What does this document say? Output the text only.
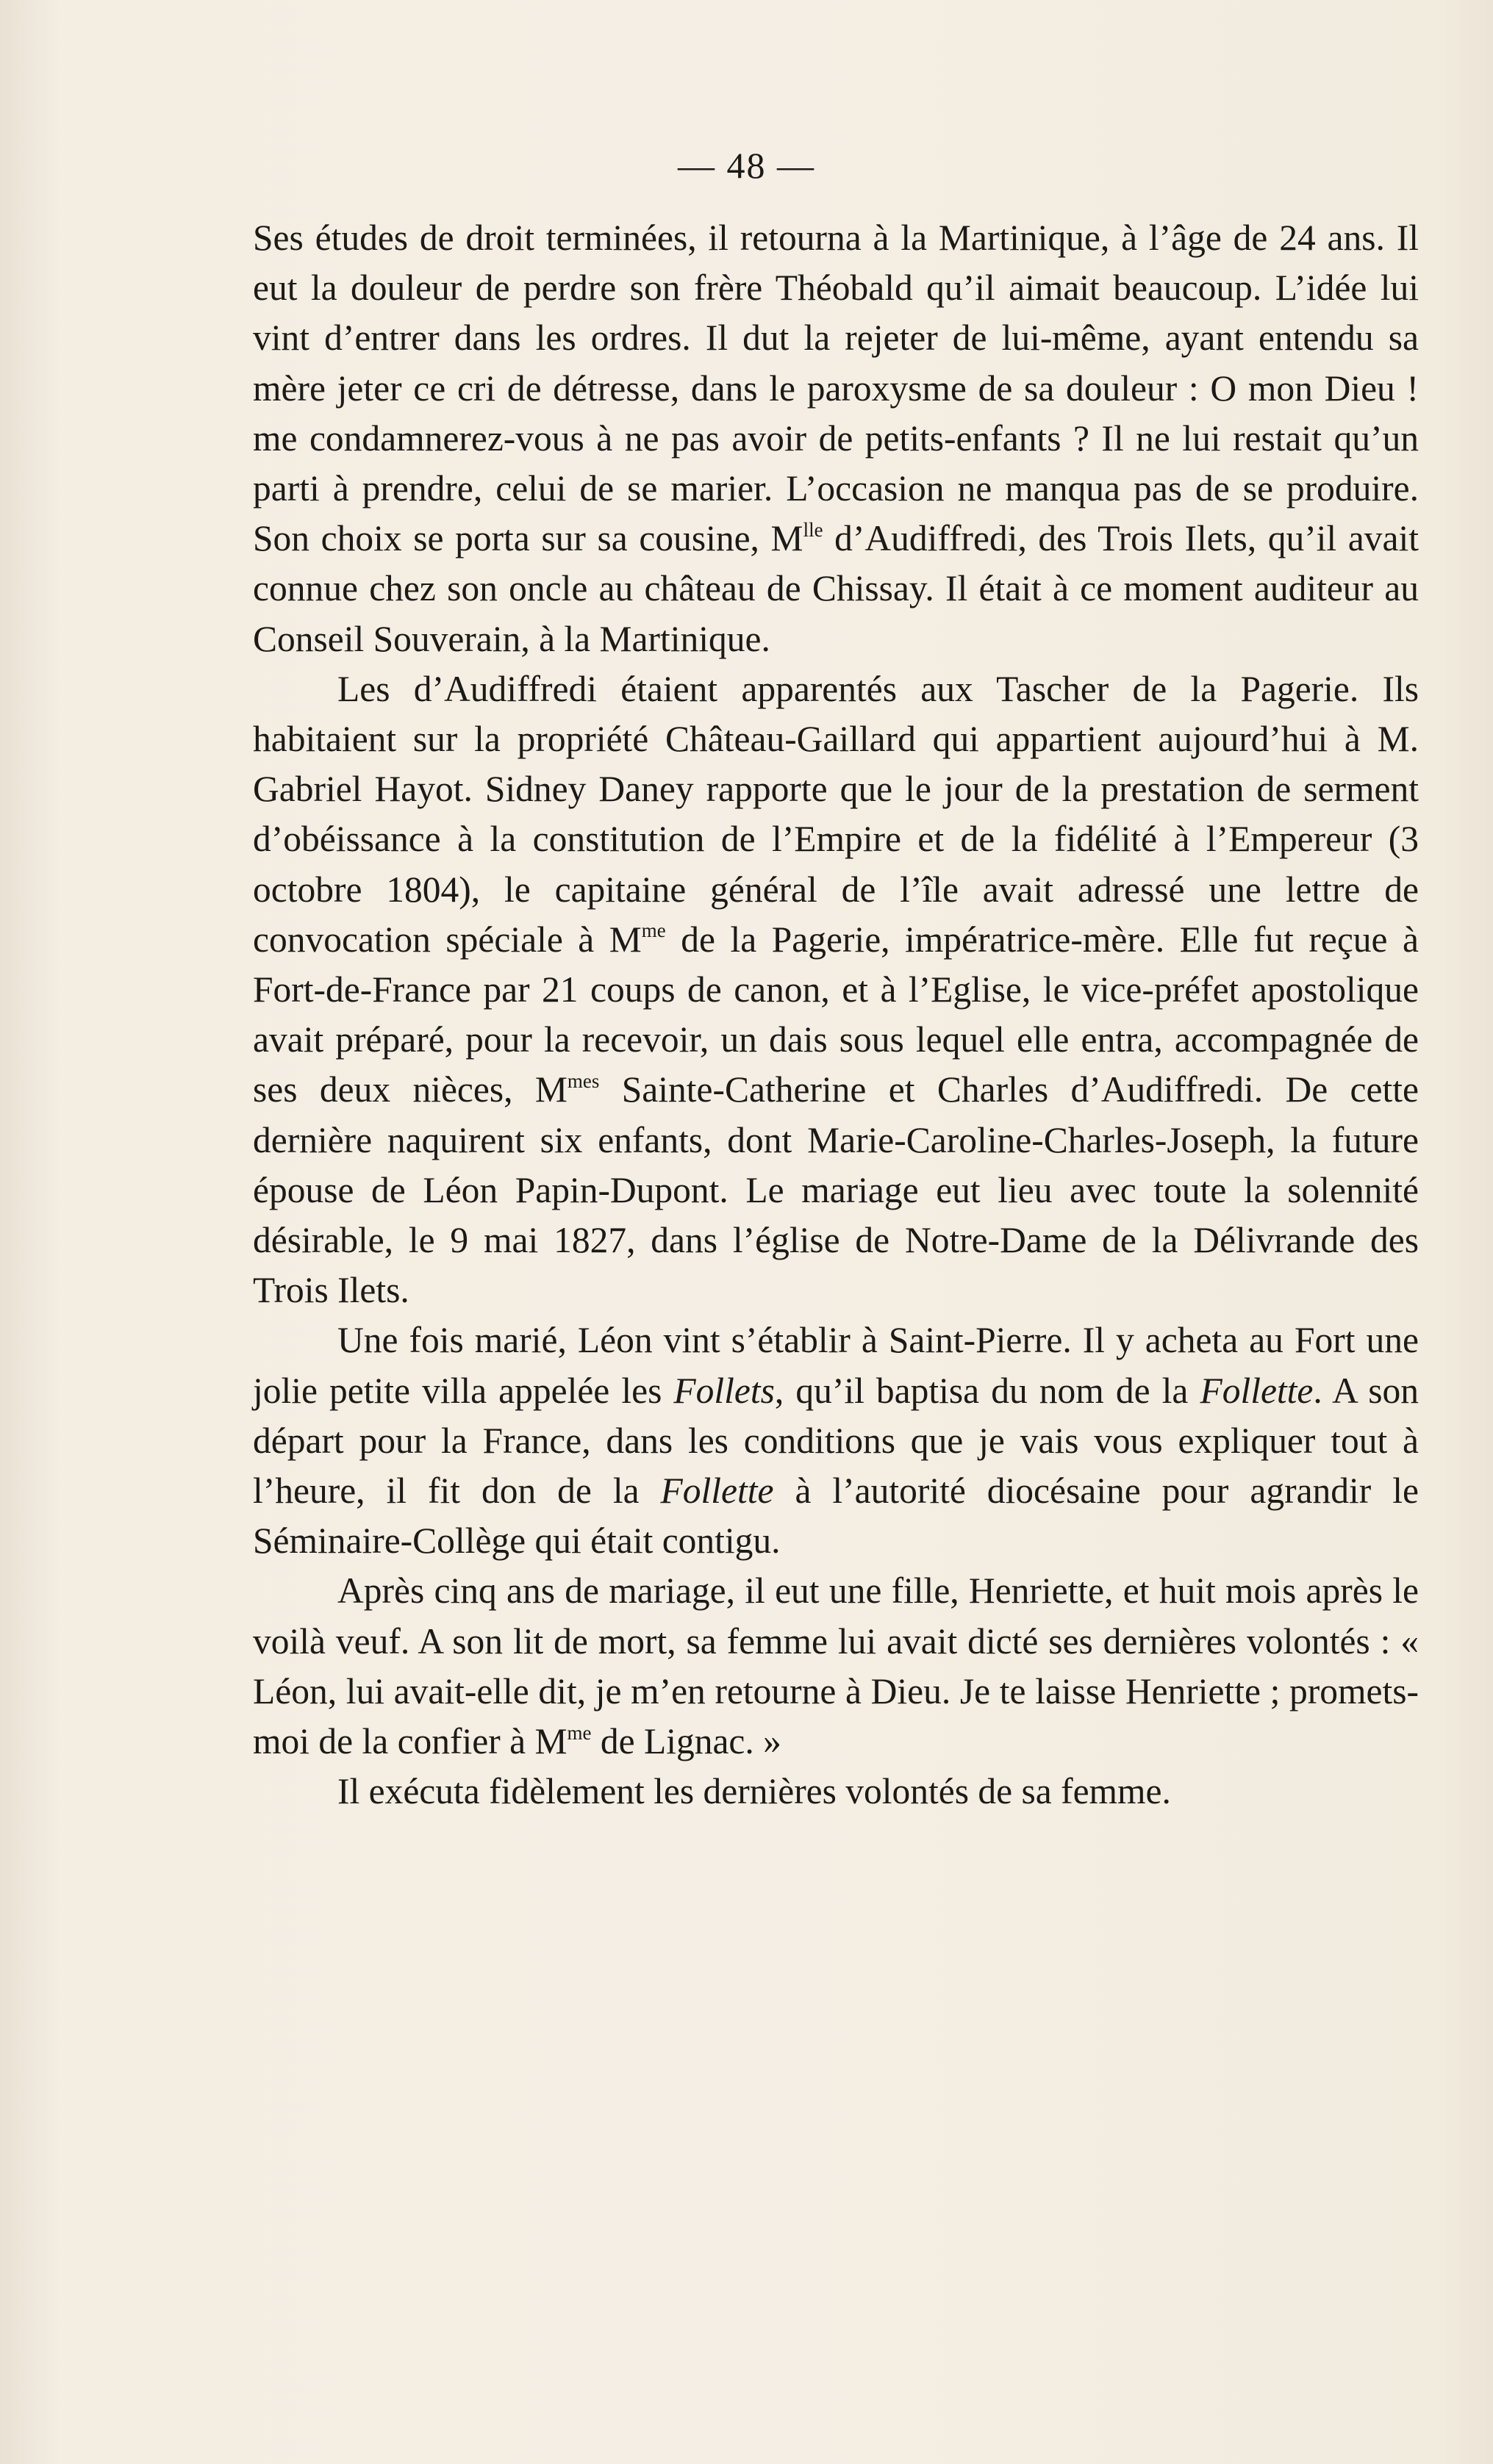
— 48 —

Ses études de droit terminées, il retourna à la Martinique, à l’âge de 24 ans. Il eut la douleur de perdre son frère Théobald qu’il aimait beaucoup. L’idée lui vint d’entrer dans les ordres. Il dut la rejeter de lui-même, ayant entendu sa mère jeter ce cri de détresse, dans le paroxysme de sa douleur : O mon Dieu ! me condamnerez-vous à ne pas avoir de petits-enfants ? Il ne lui restait qu’un parti à prendre, celui de se marier. L’occasion ne manqua pas de se produire. Son choix se porta sur sa cousine, $M^{lle}$ d’Audiffredi, des Trois Ilets, qu’il avait connue chez son oncle au château de Chissay. Il était à ce moment auditeur au Conseil Souverain, à la Martinique.

Les d’Audiffredi étaient apparentés aux Tascher de la Pagerie. Ils habitaient sur la propriété Château-Gaillard qui appartient aujourd’hui à M. Gabriel Hayot. Sidney Daney rapporte que le jour de la prestation de serment d’obéissance à la constitution de l’Empire et de la fidélité à l’Empereur (3 octobre 1804), le capitaine général de l’île avait adressé une lettre de convocation spéciale à $M^{me}$ de la Pagerie, impératrice-mère. Elle fut reçue à Fort-de-France par 21 coups de canon, et à l’Eglise, le vice-préfet apostolique avait préparé, pour la recevoir, un dais sous lequel elle entra, accompagnée de ses deux nièces, $M^{mes}$ Sainte-Catherine et Charles d’Audiffredi. De cette dernière naquirent six enfants, dont Marie-Caroline-Charles-Joseph, la future épouse de Léon Papin-Dupont. Le mariage eut lieu avec toute la solennité désirable, le 9 mai 1827, dans l’église de Notre-Dame de la Délivrande des Trois Ilets.

Une fois marié, Léon vint s’établir à Saint-Pierre. Il y acheta au Fort une jolie petite villa appelée les Follets, qu’il baptisa du nom de la Follette. A son départ pour la France, dans les conditions que je vais vous expliquer tout à l’heure, il fit don de la Follette à l’autorité diocésaine pour agrandir le Séminaire-Collège qui était contigu.

Après cinq ans de mariage, il eut une fille, Henriette, et huit mois après le voilà veuf. A son lit de mort, sa femme lui avait dicté ses dernières volontés : « Léon, lui avait-elle dit, je m’en retourne à Dieu. Je te laisse Henriette ; promets-moi de la confier à $M^{me}$ de Lignac. »

Il exécuta fidèlement les dernières volontés de sa femme.
